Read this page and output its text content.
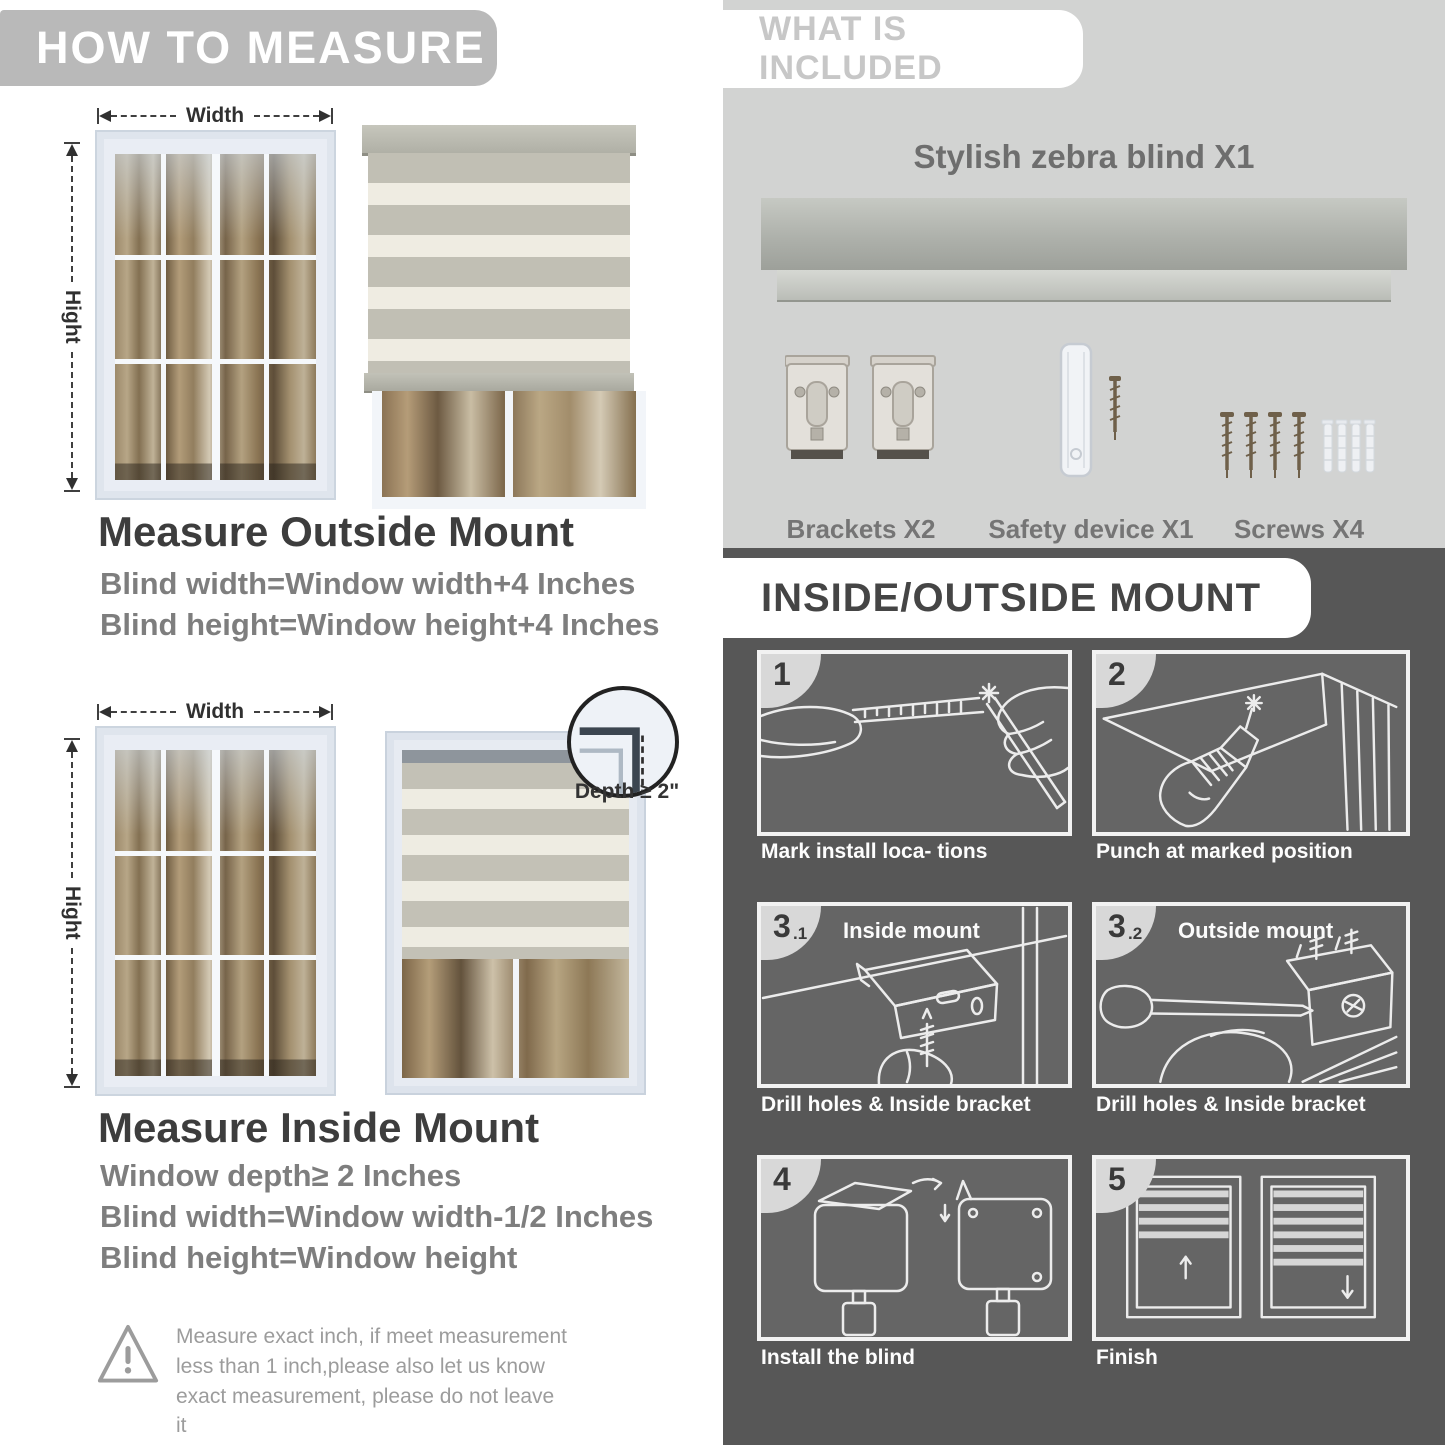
HOW TO MEASURE
Width
Hight
Measure Outside Mount
Blind width=Window width+4 Inches
Blind height=Window height+4 Inches
Width
Hight
Depth ≥ 2"
Measure Inside Mount
Window depth≥ 2 Inches
Blind width=Window width-1/2 Inches
Blind height=Window height
Measure exact inch, if meet measurement less than 1 inch,please also let us know exact measurement, please do not leave it
WHAT IS INCLUDED
Stylish zebra blind X1
Brackets X2	Safety device X1	Screws X4
INSIDE/OUTSIDE MOUNT
1
Mark install loca- tions
2
Punch at marked position
3 .1 Inside mount
Drill holes & Inside bracket
3 .2 Outside mount
Drill holes & Inside bracket
4
Install the blind
5
Finish
